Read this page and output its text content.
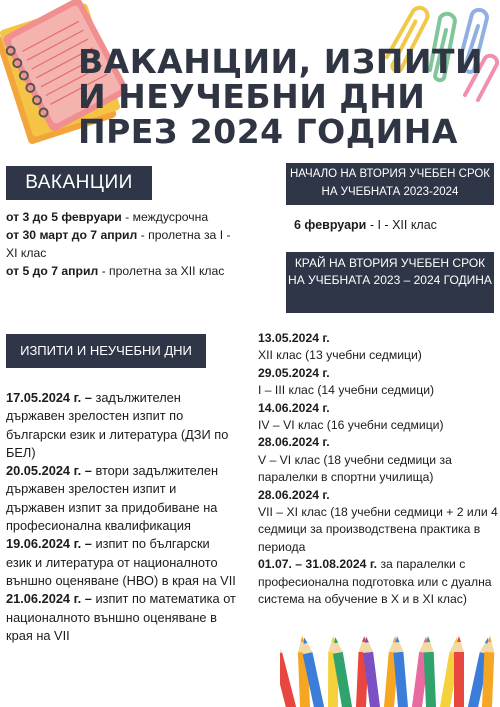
ВАКАНЦИИ, ИЗПИТИ
И НЕУЧЕБНИ ДНИ
ПРЕЗ 2024 ГОДИНА
ВАКАНЦИИ
от 3 до 5 февруари - междусрочна
от 30 март до 7 април - пролетна за I - XI клас
от 5 до 7 април - пролетна за XII клас
НАЧАЛО НА ВТОРИЯ УЧЕБЕН СРОК НА УЧЕБНАТА 2023-2024
6 февруари - I - XII клас
КРАЙ НА ВТОРИЯ УЧЕБЕН СРОК НА УЧЕБНАТА 2023 – 2024 ГОДИНА
13.05.2024 г.
XII клас (13 учебни седмици)
29.05.2024 г.
I – III клас (14 учебни седмици)
14.06.2024 г.
IV – VI клас (16 учебни седмици)
28.06.2024 г.
V – VI клас (18 учебни седмици за паралелки в спортни училища)
28.06.2024 г.
VII – XI клас (18 учебни седмици + 2 или 4 седмици за производствена практика в периода
01.07. – 31.08.2024 г. за паралелки с професионална подготовка или с дуална система на обучение в X и в XI клас)
ИЗПИТИ И НЕУЧЕБНИ ДНИ
17.05.2024 г. – задължителен държавен зрелостен изпит по български език и литература (ДЗИ по БЕЛ)
20.05.2024 г. – втори задължителен държавен зрелостен изпит и държавен изпит за придобиване на професионална квалификация
19.06.2024 г. – изпит по български език и литература от националното външно оценяване (НВО) в края на VII
21.06.2024 г. – изпит по математика от националното външно оценяване в края на VII
